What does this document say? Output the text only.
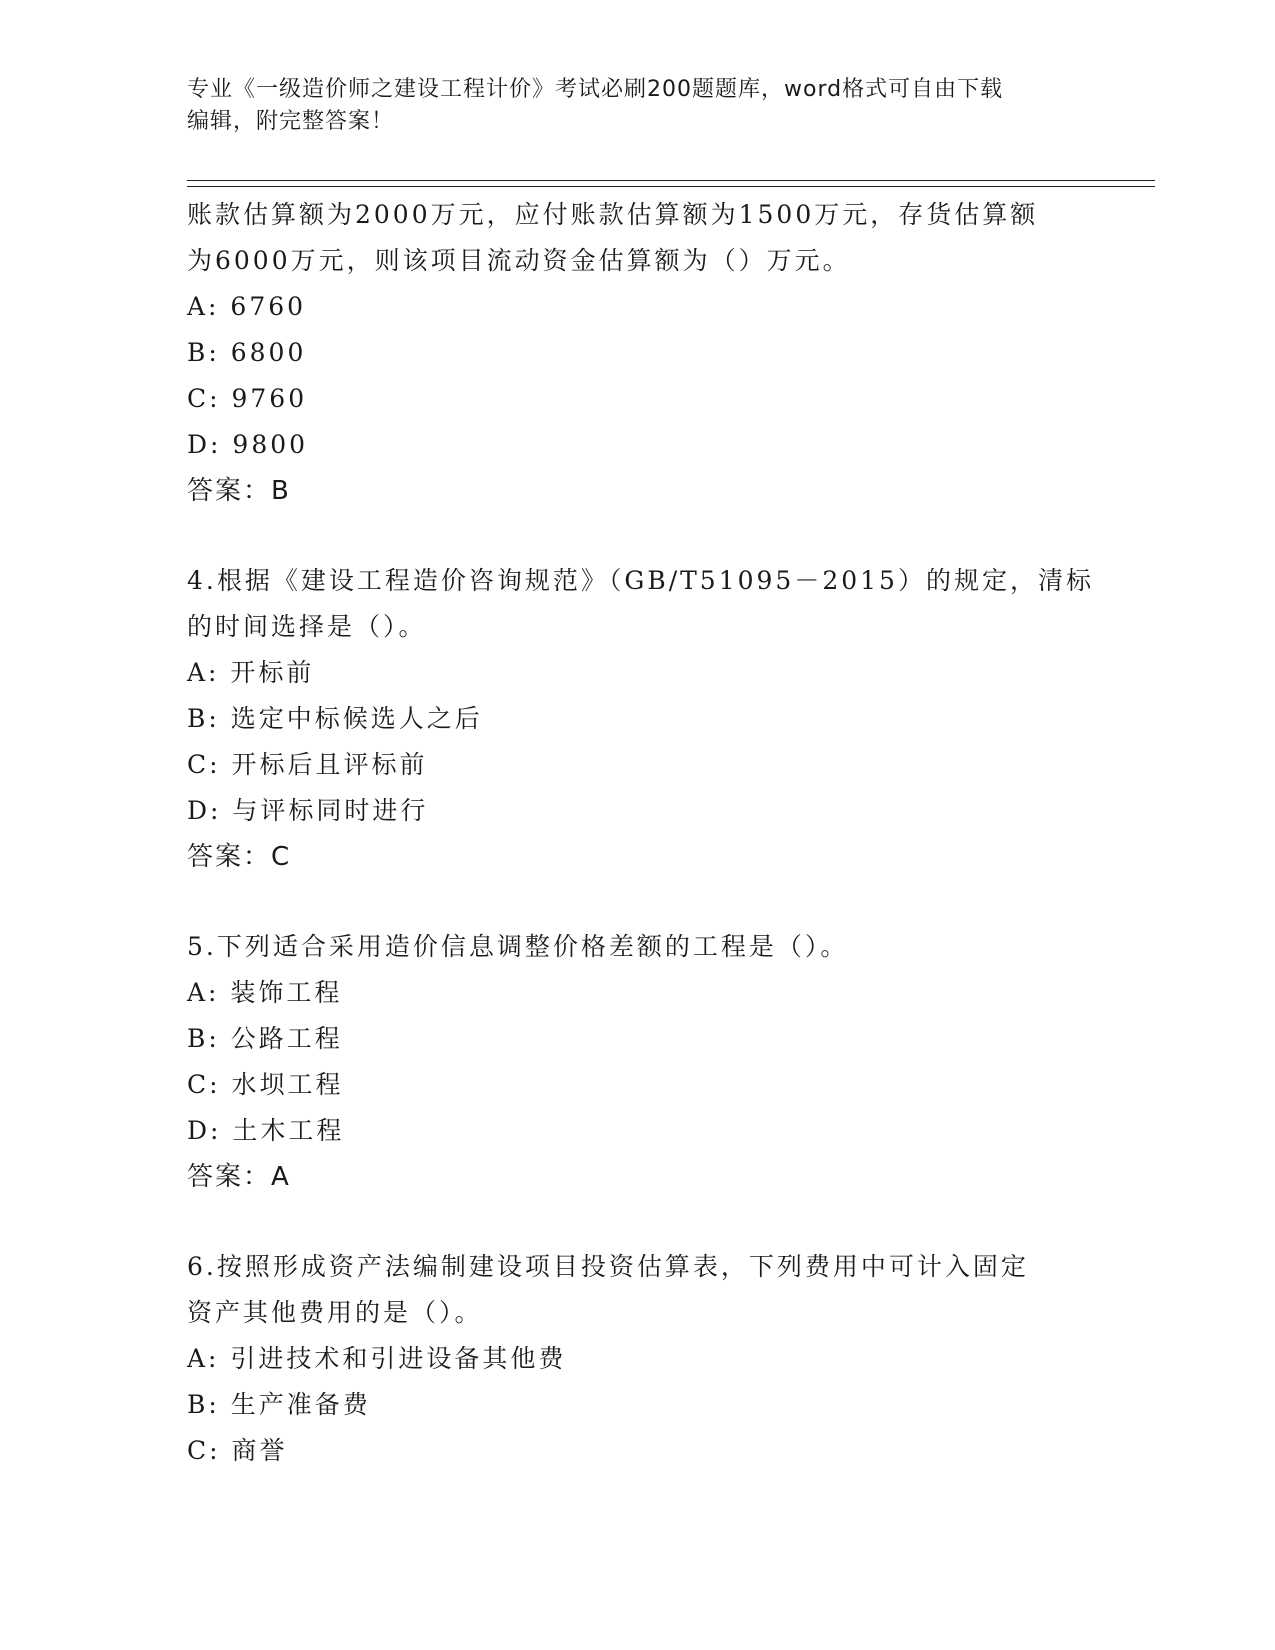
专业《一级造价师之建设工程计价》考试必刷200题题库，word格式可自由下载
编辑，附完整答案！
账款估算额为2000万元，应付账款估算额为1500万元，存货估算额
为6000万元，则该项目流动资金估算额为（）万元。
A: 6760
B: 6800
C: 9760
D: 9800
答案：B
4.根据《建设工程造价咨询规范》（GB/T51095－2015）的规定，清标
的时间选择是（）。
A: 开标前
B: 选定中标候选人之后
C: 开标后且评标前
D: 与评标同时进行
答案：C
5.下列适合采用造价信息调整价格差额的工程是（）。
A: 装饰工程
B: 公路工程
C: 水坝工程
D: 土木工程
答案：A
6.按照形成资产法编制建设项目投资估算表，下列费用中可计入固定
资产其他费用的是（）。
A: 引进技术和引进设备其他费
B: 生产准备费
C: 商誉
